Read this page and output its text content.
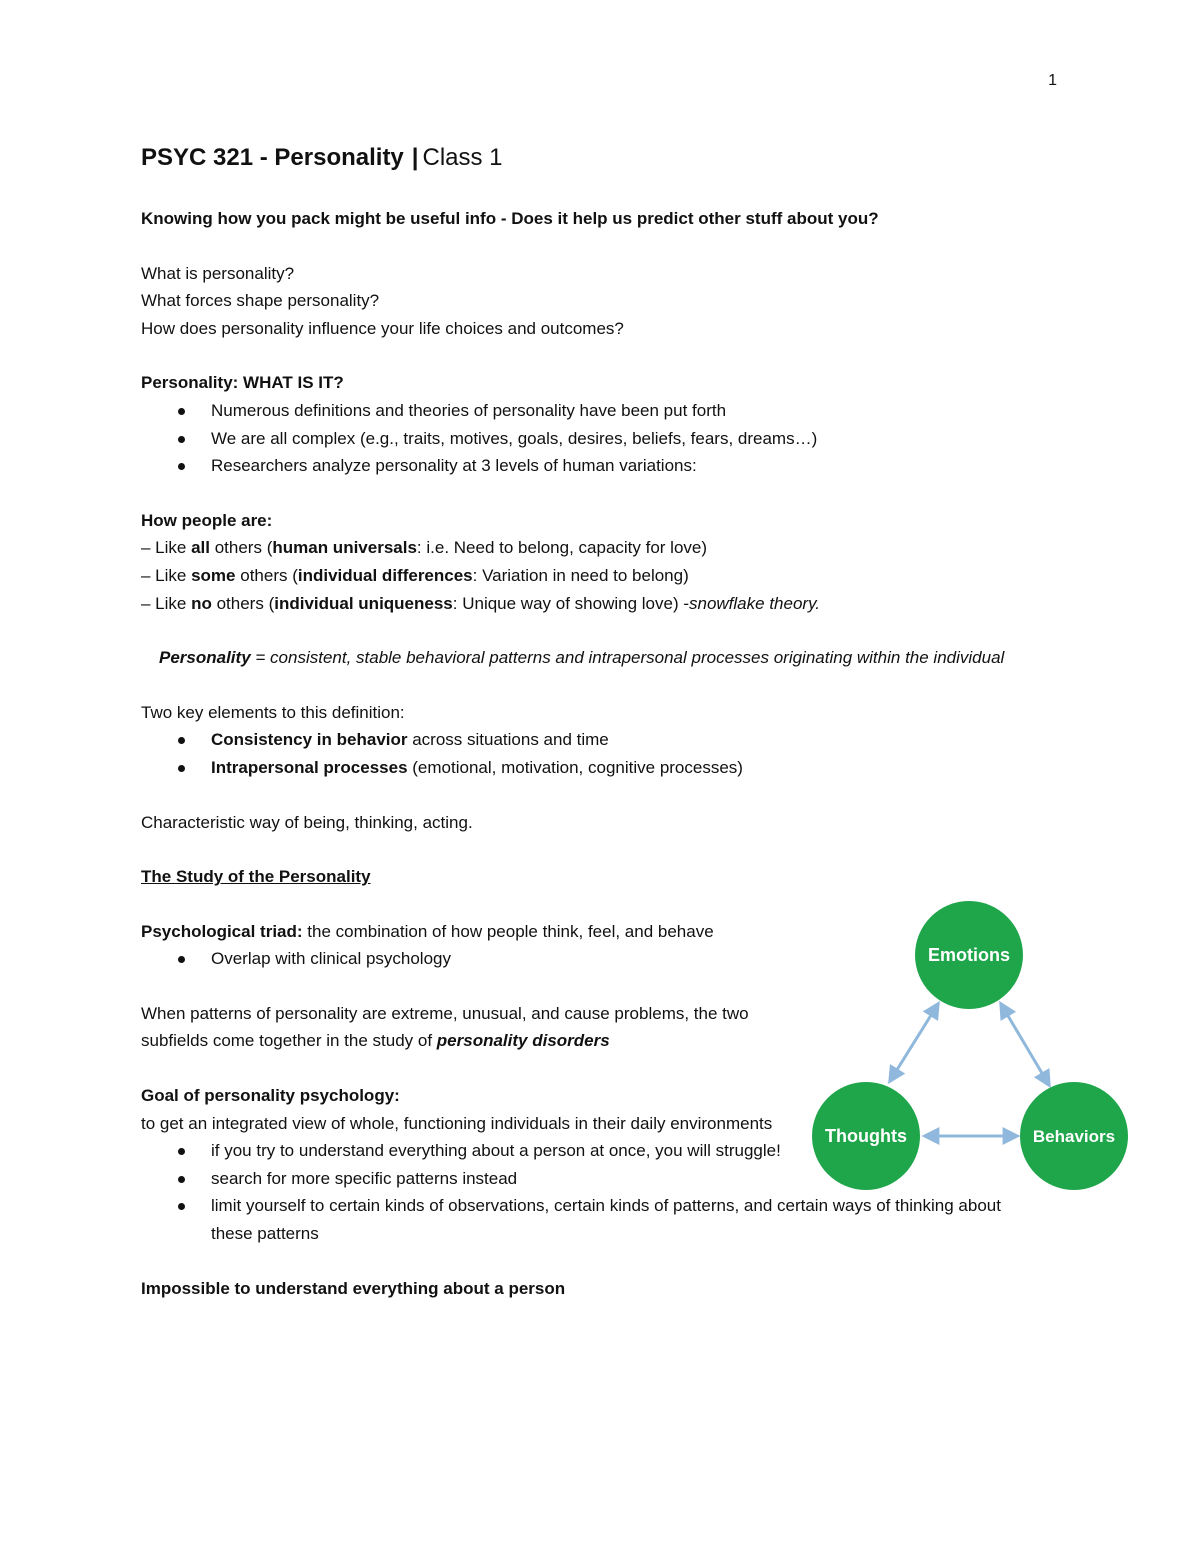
1
PSYC 321 - Personality | Class 1

Knowing how you pack might be useful info - Does it help us predict other stuff about you?

What is personality?

What forces shape personality?

How does personality influence your life choices and outcomes?

Personality: WHAT IS IT?

Numerous definitions and theories of personality have been put forth
We are all complex (e.g., traits, motives, goals, desires, beliefs, fears, dreams…)
Researchers analyze personality at 3 levels of human variations:

How people are:

– Like all others (human universals: i.e. Need to belong, capacity for love)

– Like some others (individual differences: Variation in need to belong)

– Like no others (individual uniqueness: Unique way of showing love) -snowflake theory.

Personality = consistent, stable behavioral patterns and intrapersonal processes originating within the individual

Two key elements to this definition:

Consistency in behavior across situations and time
Intrapersonal processes (emotional, motivation, cognitive processes)

Characteristic way of being, thinking, acting.

The Study of the Personality

Psychological triad: the combination of how people think, feel, and behave

Overlap with clinical psychology

When patterns of personality are extreme, unusual, and cause problems, the two subfields come together in the study of personality disorders

Goal of personality psychology:

to get an integrated view of whole, functioning individuals in their daily environments

if you try to understand everything about a person at once, you will struggle!
search for more specific patterns instead
limit yourself to certain kinds of observations, certain kinds of patterns, and certain ways of thinking about these patterns

Impossible to understand everything about a person

Emotions
Thoughts	Behaviors
